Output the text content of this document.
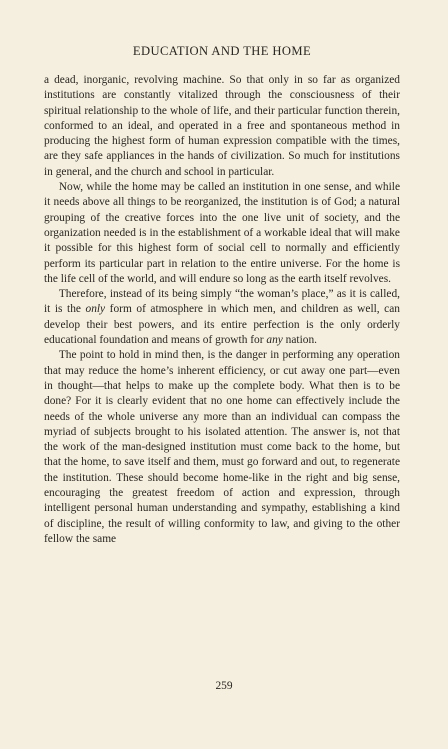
EDUCATION AND THE HOME

a dead, inorganic, revolving machine. So that only in so far as organized institutions are constantly vitalized through the consciousness of their spiritual relationship to the whole of life, and their particular function therein, conformed to an ideal, and operated in a free and spontaneous method in producing the highest form of human expression compatible with the times, are they safe appliances in the hands of civilization. So much for institutions in general, and the church and school in particular.

Now, while the home may be called an institution in one sense, and while it needs above all things to be reorganized, the institution is of God; a natural grouping of the creative forces into the one live unit of society, and the organization needed is in the establishment of a workable ideal that will make it possible for this highest form of social cell to normally and efficiently perform its particular part in relation to the entire universe. For the home is the life cell of the world, and will endure so long as the earth itself revolves.

Therefore, instead of its being simply “the woman’s place,” as it is called, it is the only form of atmosphere in which men, and children as well, can develop their best powers, and its entire perfection is the only orderly educational foundation and means of growth for any nation.

The point to hold in mind then, is the danger in performing any operation that may reduce the home’s inherent efficiency, or cut away one part—even in thought—that helps to make up the complete body. What then is to be done? For it is clearly evident that no one home can effectively include the needs of the whole universe any more than an individual can compass the myriad of subjects brought to his isolated attention. The answer is, not that the work of the man-designed institution must come back to the home, but that the home, to save itself and them, must go forward and out, to regenerate the institution. These should become home-like in the right and big sense, encouraging the greatest freedom of action and expression, through intelligent personal human understanding and sympathy, establishing a kind of discipline, the result of willing conformity to law, and giving to the other fellow the same

259
